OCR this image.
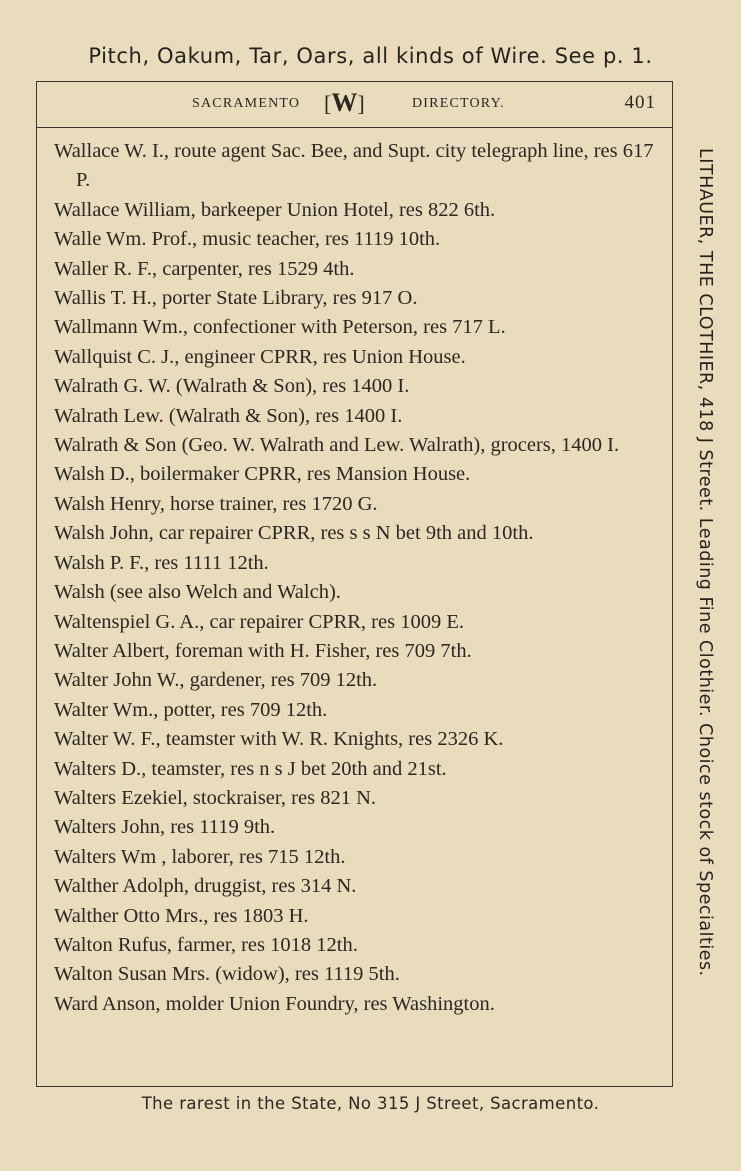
Pitch, Oakum, Tar, Oars, all kinds of Wire. See p. 1.
SACRAMENTO [W]	DIRECTORY.	401

Wallace W. I., route agent Sac. Bee, and Supt. city telegraph line, res 617 P.

Wallace William, barkeeper Union Hotel, res 822 6th.

Walle Wm. Prof., music teacher, res 1119 10th.

Waller R. F., carpenter, res 1529 4th.

Wallis T. H., porter State Library, res 917 O.

Wallmann Wm., confectioner with Peterson, res 717 L.

Wallquist C. J., engineer CPRR, res Union House.

Walrath G. W. (Walrath & Son), res 1400 I.

Walrath Lew. (Walrath & Son), res 1400 I.

Walrath & Son (Geo. W. Walrath and Lew. Walrath), grocers, 1400 I.

Walsh D., boilermaker CPRR, res Mansion House.

Walsh Henry, horse trainer, res 1720 G.

Walsh John, car repairer CPRR, res s s N bet 9th and 10th.

Walsh P. F., res 1111 12th.

Walsh (see also Welch and Walch).

Waltenspiel G. A., car repairer CPRR, res 1009 E.

Walter Albert, foreman with H. Fisher, res 709 7th.

Walter John W., gardener, res 709 12th.

Walter Wm., potter, res 709 12th.

Walter W. F., teamster with W. R. Knights, res 2326 K.

Walters D., teamster, res n s J bet 20th and 21st.

Walters Ezekiel, stockraiser, res 821 N.

Walters John, res 1119 9th.

Walters Wm , laborer, res 715 12th.

Walther Adolph, druggist, res 314 N.

Walther Otto Mrs., res 1803 H.

Walton Rufus, farmer, res 1018 12th.

Walton Susan Mrs. (widow), res 1119 5th.

Ward Anson, molder Union Foundry, res Washington.

The rarest in the State, No 315 J Street, Sacramento.
LITHAUER, THE CLOTHIER, 418 J Street. Leading Fine Clothier. Choice stock of Specialties.
